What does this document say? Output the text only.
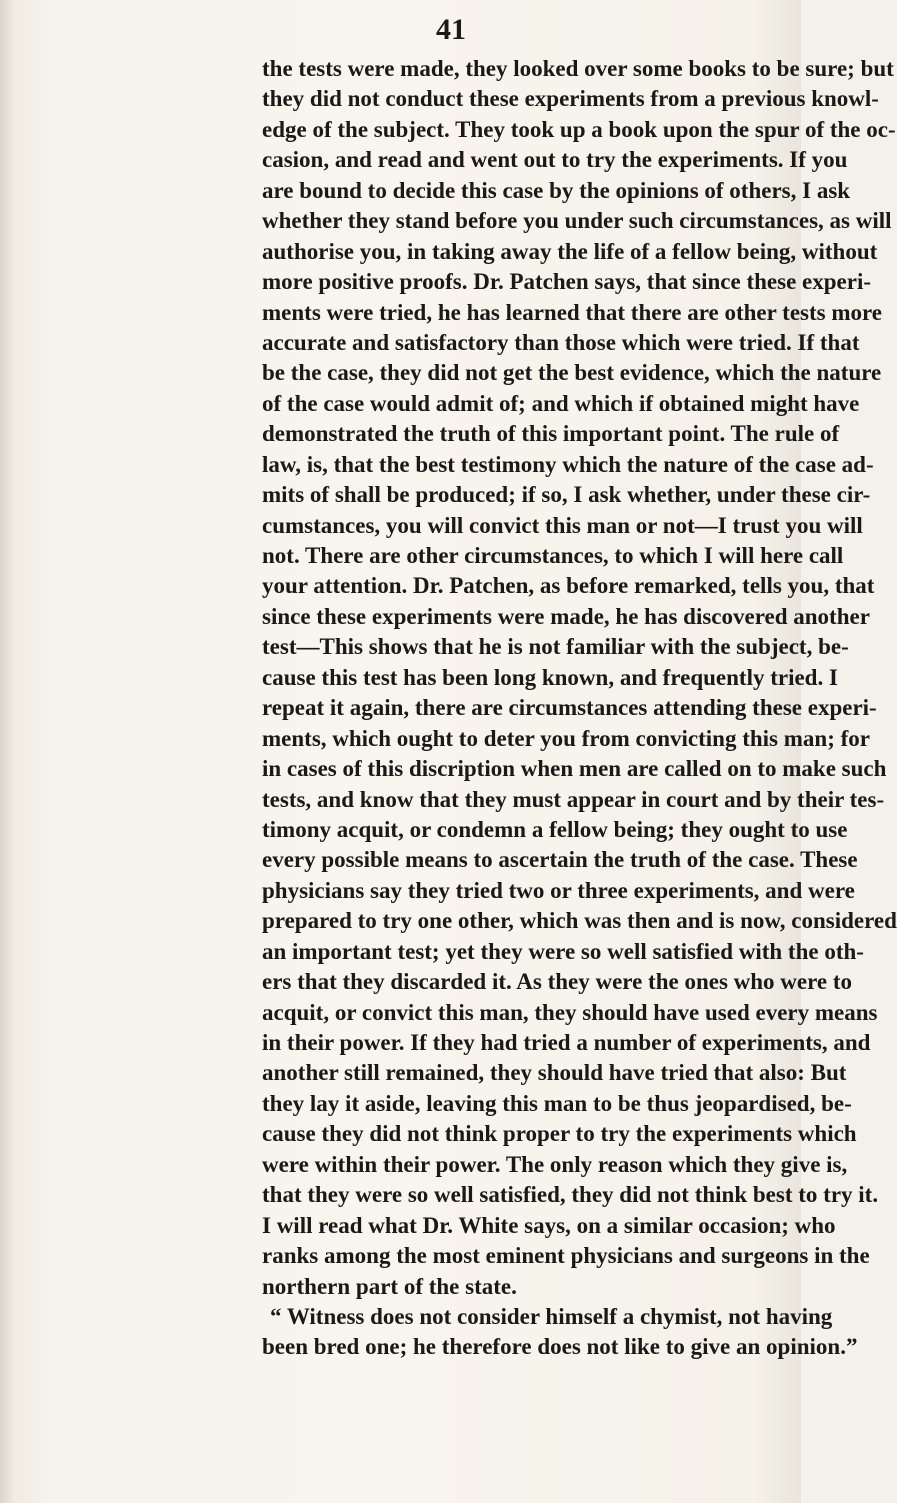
41
the tests were made, they looked over some books to be sure; but
they did not conduct these experiments from a previous knowl-
edge of the subject. They took up a book upon the spur of the oc-
casion, and read and went out to try the experiments. If you
are bound to decide this case by the opinions of others, I ask
whether they stand before you under such circumstances, as will
authorise you, in taking away the life of a fellow being, without
more positive proofs. Dr. Patchen says, that since these experi-
ments were tried, he has learned that there are other tests more
accurate and satisfactory than those which were tried. If that
be the case, they did not get the best evidence, which the nature
of the case would admit of; and which if obtained might have
demonstrated the truth of this important point. The rule of
law, is, that the best testimony which the nature of the case ad-
mits of shall be produced; if so, I ask whether, under these cir-
cumstances, you will convict this man or not—I trust you will
not. There are other circumstances, to which I will here call
your attention. Dr. Patchen, as before remarked, tells you, that
since these experiments were made, he has discovered another
test—This shows that he is not familiar with the subject, be-
cause this test has been long known, and frequently tried. I
repeat it again, there are circumstances attending these experi-
ments, which ought to deter you from convicting this man; for
in cases of this discription when men are called on to make such
tests, and know that they must appear in court and by their tes-
timony acquit, or condemn a fellow being; they ought to use
every possible means to ascertain the truth of the case. These
physicians say they tried two or three experiments, and were
prepared to try one other, which was then and is now, considered
an important test; yet they were so well satisfied with the oth-
ers that they discarded it. As they were the ones who were to
acquit, or convict this man, they should have used every means
in their power. If they had tried a number of experiments, and
another still remained, they should have tried that also: But
they lay it aside, leaving this man to be thus jeopardised, be-
cause they did not think proper to try the experiments which
were within their power. The only reason which they give is,
that they were so well satisfied, they did not think best to try it.
I will read what Dr. White says, on a similar occasion; who
ranks among the most eminent physicians and surgeons in the
northern part of the state.
“ Witness does not consider himself a chymist, not having
been bred one; he therefore does not like to give an opinion.”
